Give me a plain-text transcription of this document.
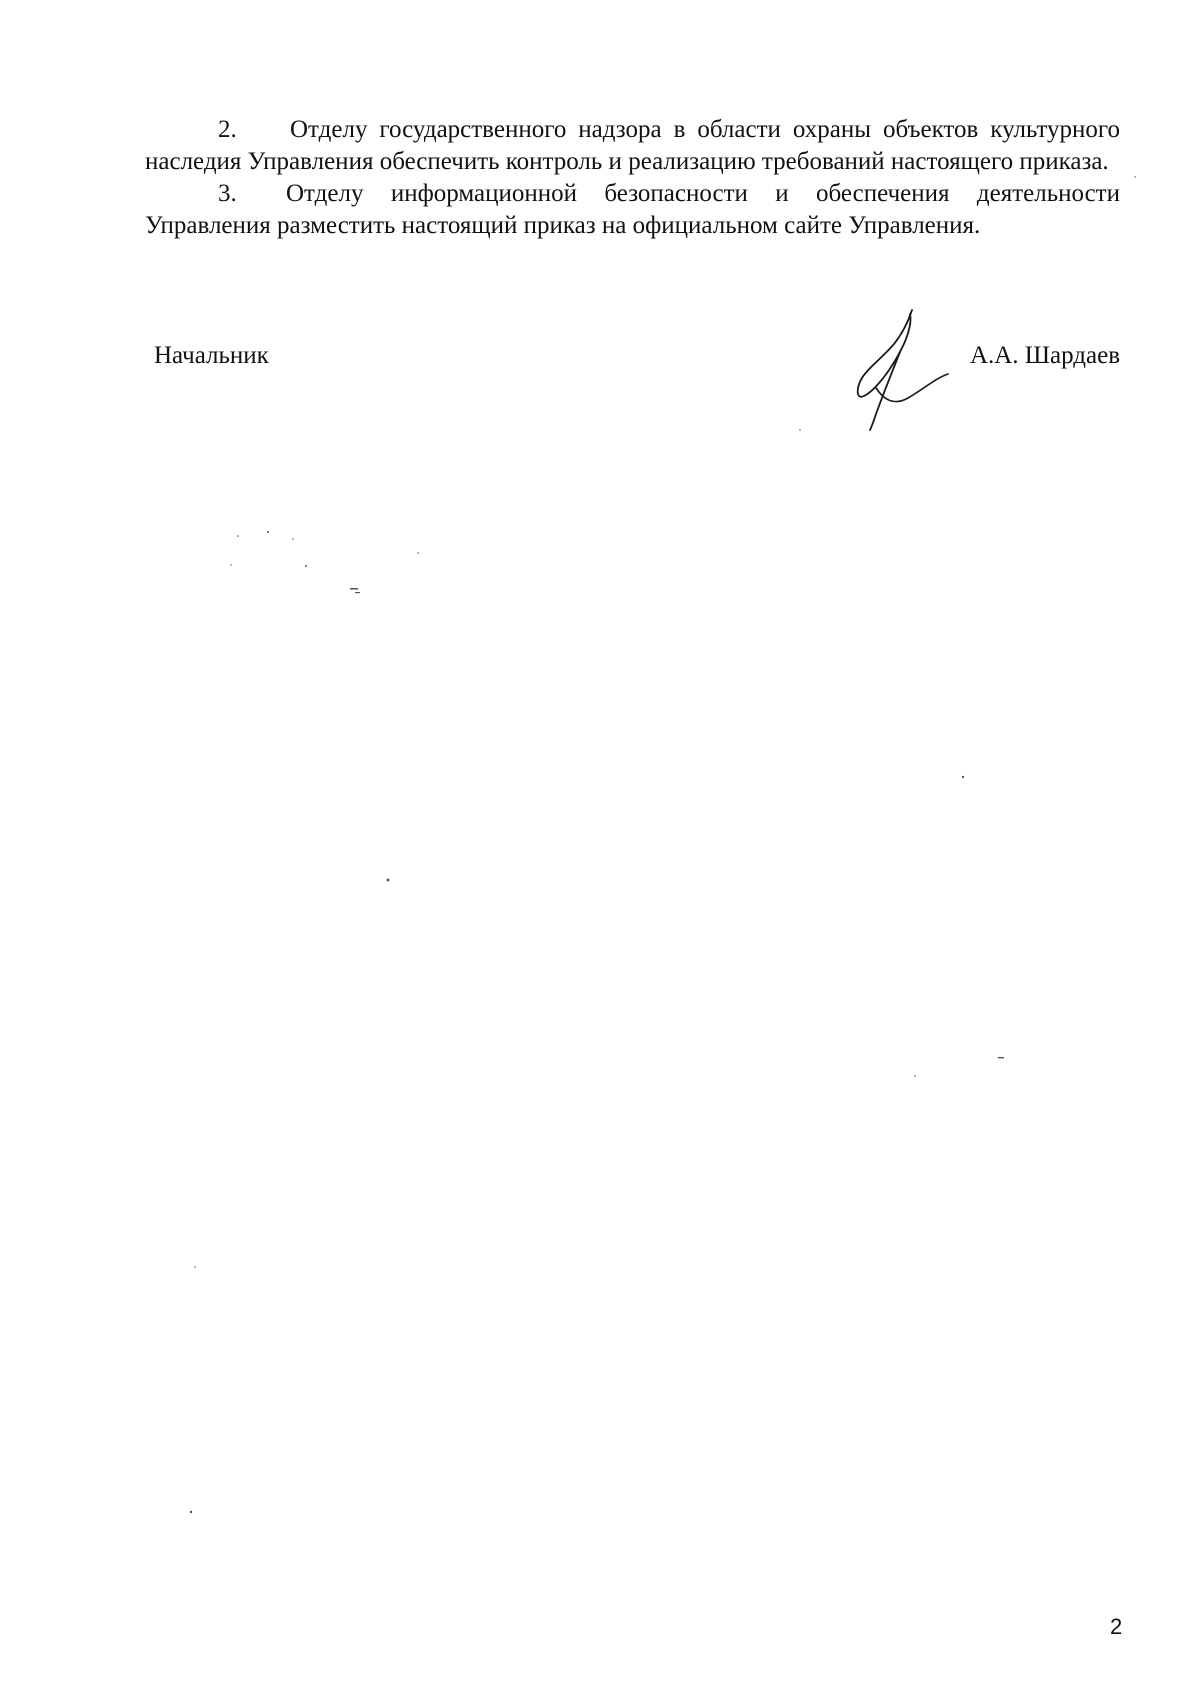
2. Отделу государственного надзора в области охраны объектов культурного наследия Управления обеспечить контроль и реализацию требований настоящего приказа.

3. Отделу информационной безопасности и обеспечения деятельности Управления разместить настоящий приказ на официальном сайте Управления.

Начальник	А.А. Шардаев
2
